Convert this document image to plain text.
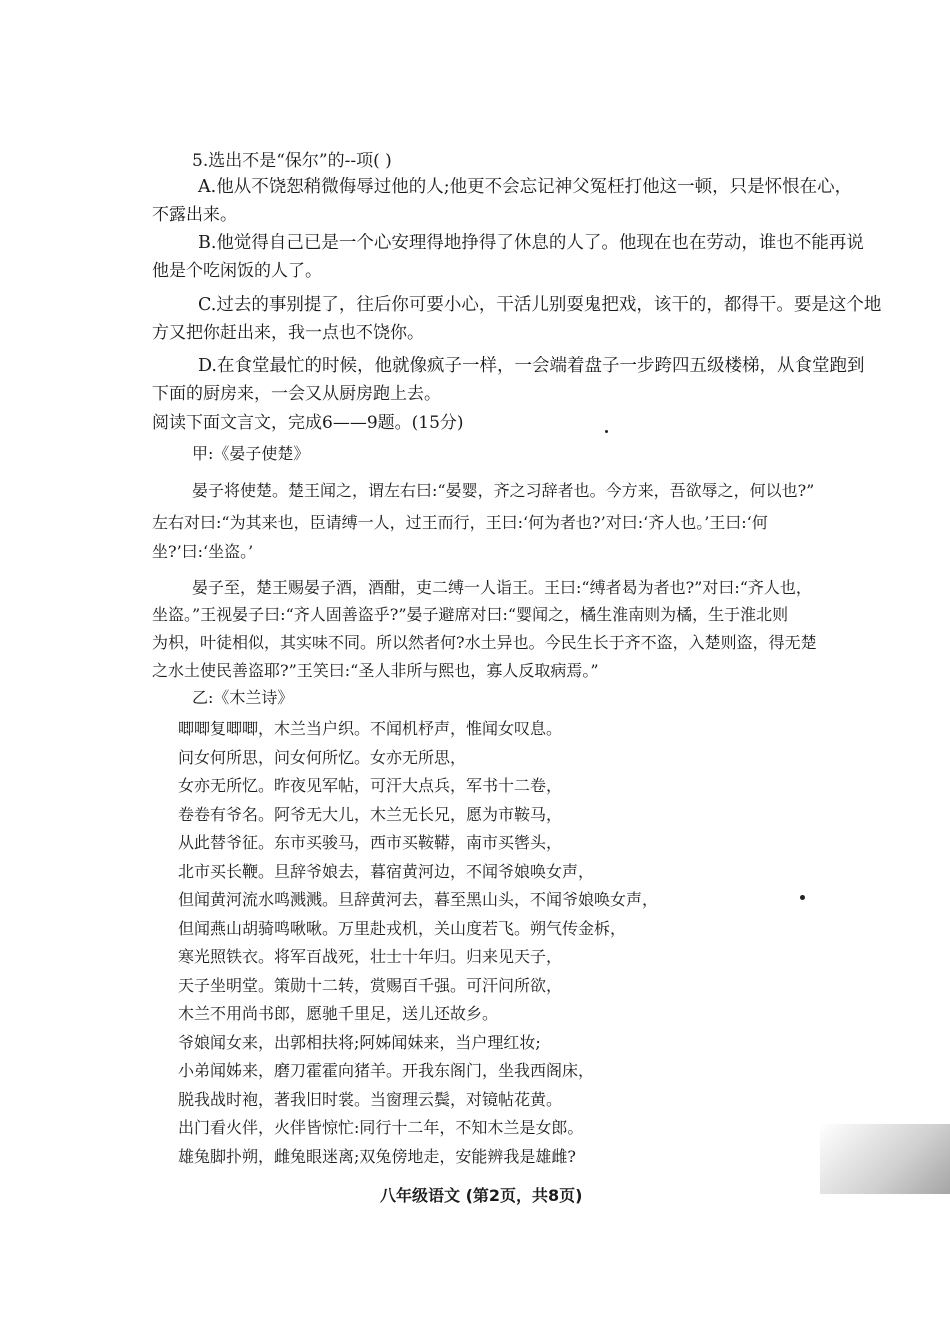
5.选出不是“保尔”的--项( )
A.他从不饶恕稍微侮辱过他的人;他更不会忘记神父冤枉打他这一顿，只是怀恨在心，
不露出来。
B.他觉得自己已是一个心安理得地挣得了休息的人了。他现在也在劳动，谁也不能再说
他是个吃闲饭的人了。
C.过去的事别提了，往后你可要小心，干活儿别耍鬼把戏，该干的，都得干。要是这个地
方又把你赶出来，我一点也不饶你。
D.在食堂最忙的时候，他就像疯子一样，一会端着盘子一步跨四五级楼梯，从食堂跑到
下面的厨房来，一会又从厨房跑上去。
阅读下面文言文，完成6——9题。(15分)
甲:《晏子使楚》
晏子将使楚。楚王闻之，谓左右曰:“晏婴，齐之习辞者也。今方来，吾欲辱之，何以也?”
左右对曰:“为其来也，臣请缚一人，过王而行，王曰:‘何为者也?’对曰:‘齐人也。’王曰:‘何
坐?’曰:‘坐盗。’
晏子至，楚王赐晏子酒，酒酣，吏二缚一人诣王。王曰:“缚者曷为者也?”对曰:“齐人也，
坐盗。”王视晏子曰:“齐人固善盗乎?”晏子避席对曰:“婴闻之，橘生淮南则为橘，生于淮北则
为枳，叶徒相似，其实味不同。所以然者何?水土异也。今民生长于齐不盗，入楚则盗，得无楚
之水土使民善盗耶?”王笑曰:“圣人非所与熙也，寡人反取病焉。”
乙:《木兰诗》
唧唧复唧唧，木兰当户织。不闻机杼声，惟闻女叹息。
问女何所思，问女何所忆。女亦无所思，
女亦无所忆。昨夜见军帖，可汗大点兵，军书十二卷，
卷卷有爷名。阿爷无大儿，木兰无长兄，愿为市鞍马，
从此替爷征。东市买骏马，西市买鞍鞯，南市买辔头，
北市买长鞭。旦辞爷娘去，暮宿黄河边，不闻爷娘唤女声，
但闻黄河流水鸣溅溅。旦辞黄河去，暮至黑山头，不闻爷娘唤女声，
但闻燕山胡骑鸣啾啾。万里赴戎机，关山度若飞。朔气传金柝，
寒光照铁衣。将军百战死，壮士十年归。归来见天子，
天子坐明堂。策勋十二转，赏赐百千强。可汗问所欲，
木兰不用尚书郎，愿驰千里足，送儿还故乡。
爷娘闻女来，出郭相扶将;阿姊闻妹来，当户理红妆;
小弟闻姊来，磨刀霍霍向猪羊。开我东阁门，坐我西阁床，
脱我战时袍，著我旧时裳。当窗理云鬓，对镜帖花黄。
出门看火伴，火伴皆惊忙:同行十二年，不知木兰是女郎。
雄兔脚扑朔，雌兔眼迷离;双兔傍地走，安能辨我是雄雌?
八年级语文 (第2页，共8页)
